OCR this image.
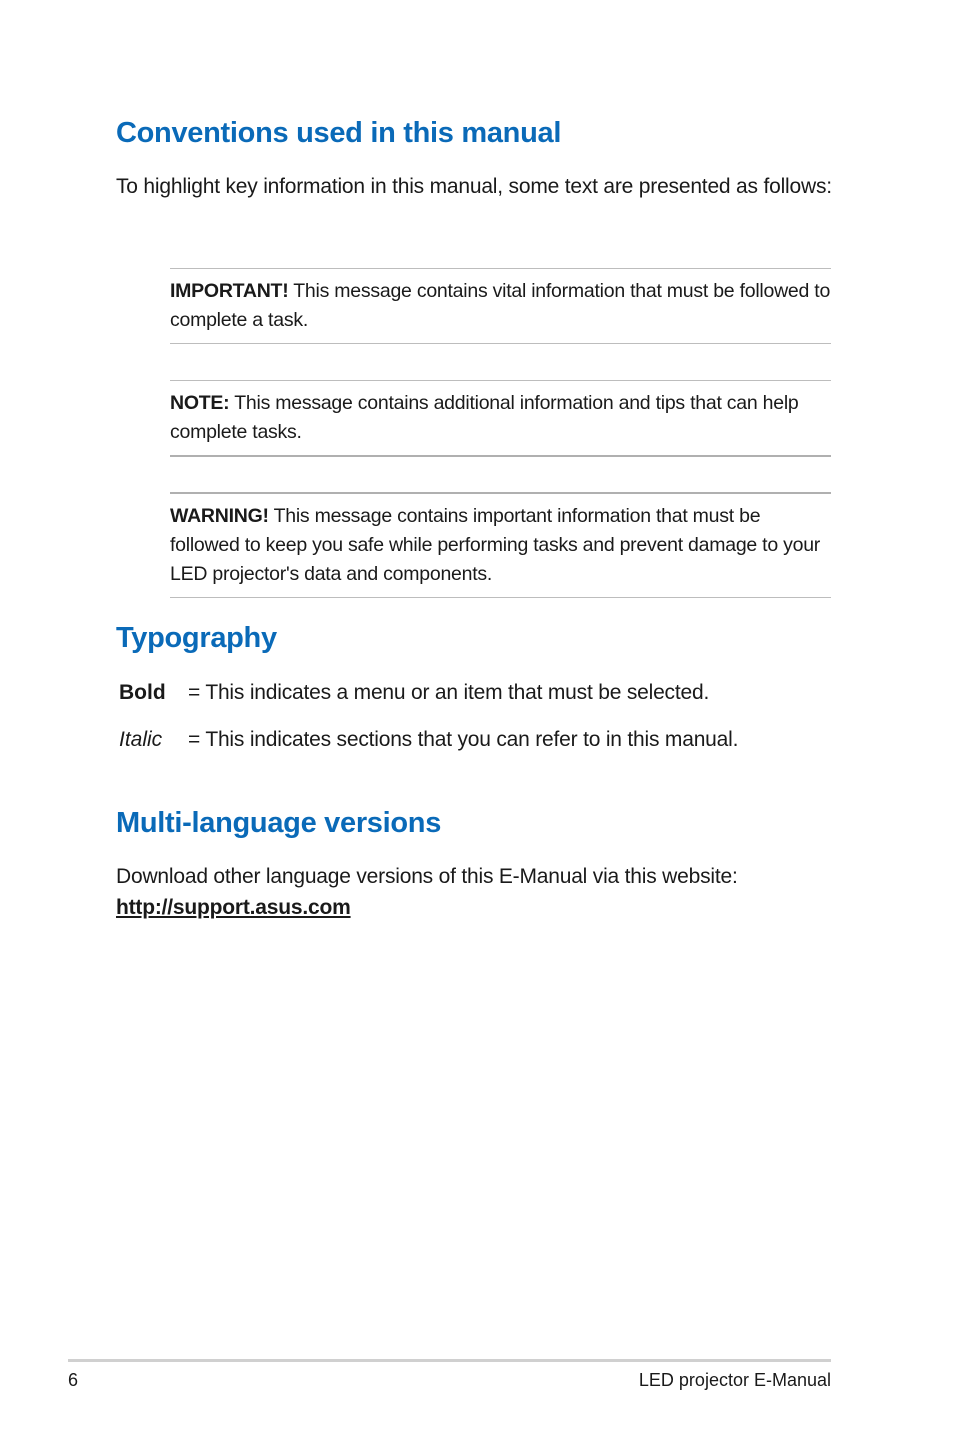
Conventions used in this manual

To highlight key information in this manual, some text are presented as follows:

IMPORTANT! This message contains vital information that must be followed to complete a task.

NOTE: This message contains additional information and tips that can help complete tasks.

WARNING! This message contains important information that must be followed to keep you safe while performing tasks and prevent damage to your LED projector's data and components.

Typography
Bold = This indicates a menu or an item that must be selected.
Italic = This indicates sections that you can refer to in this manual.
Multi-language versions

Download other language versions of this E-Manual via this website:
http://support.asus.com

6	LED projector E-Manual
